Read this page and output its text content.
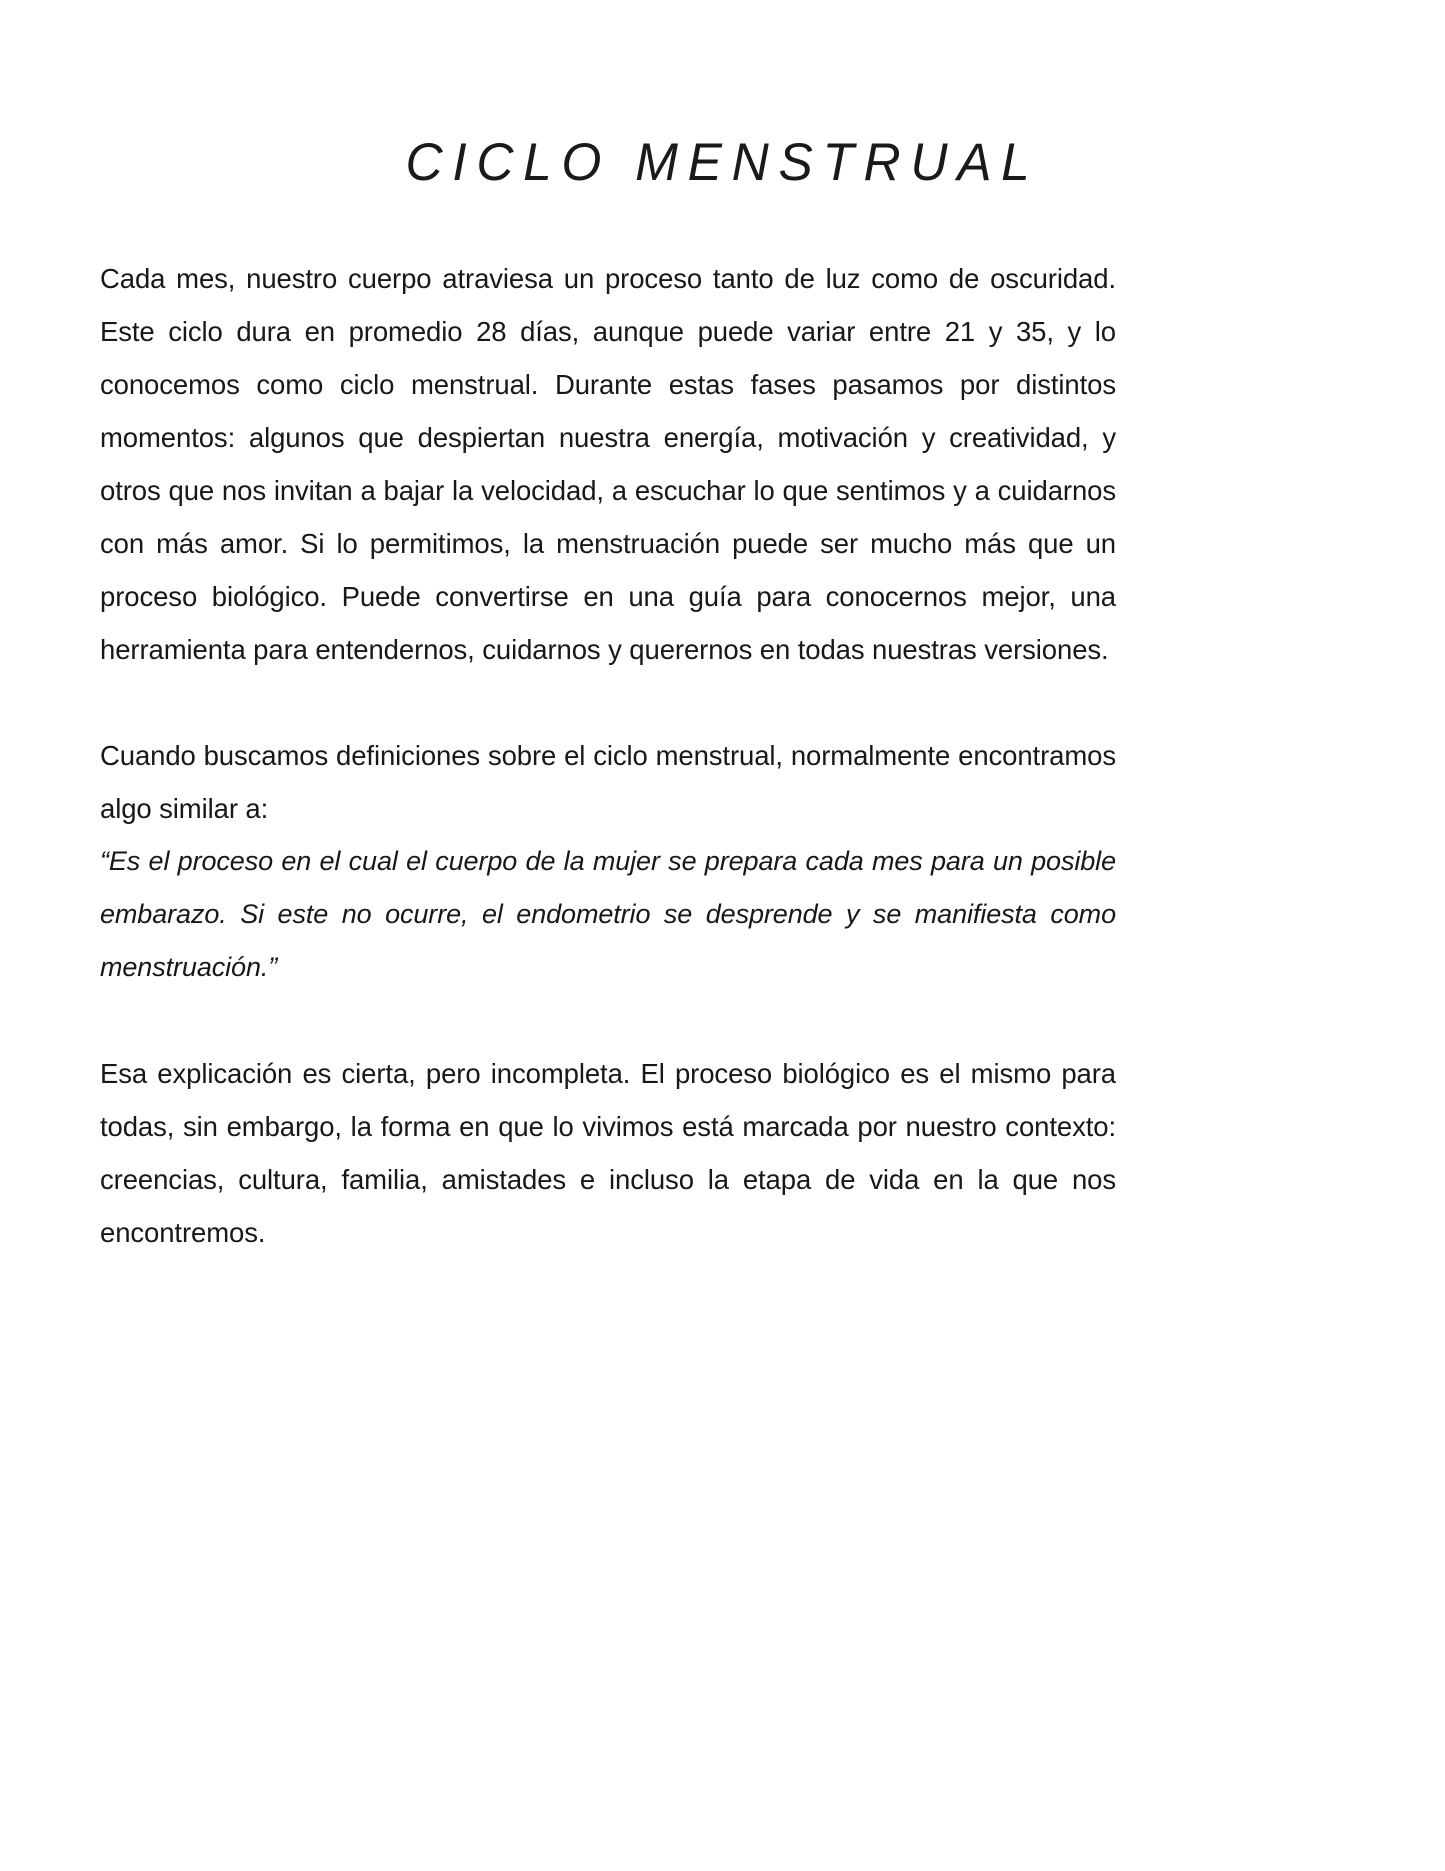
CICLO MENSTRUAL

Cada mes, nuestro cuerpo atraviesa un proceso tanto de luz como de oscuridad. Este ciclo dura en promedio 28 días, aunque puede variar entre 21 y 35, y lo conocemos como ciclo menstrual. Durante estas fases pasamos por distintos momentos: algunos que despiertan nuestra energía, motivación y creatividad, y otros que nos invitan a bajar la velocidad, a escuchar lo que sentimos y a cuidarnos con más amor. Si lo permitimos, la menstruación puede ser mucho más que un proceso biológico. Puede convertirse en una guía para conocernos mejor, una herramienta para entendernos, cuidarnos y querernos en todas nuestras versiones.

Cuando buscamos definiciones sobre el ciclo menstrual, normalmente encontramos algo similar a:

“Es el proceso en el cual el cuerpo de la mujer se prepara cada mes para un posible embarazo. Si este no ocurre, el endometrio se desprende y se manifiesta como menstruación.”

Esa explicación es cierta, pero incompleta. El proceso biológico es el mismo para todas, sin embargo, la forma en que lo vivimos está marcada por nuestro contexto: creencias, cultura, familia, amistades e incluso la etapa de vida en la que nos encontremos.
